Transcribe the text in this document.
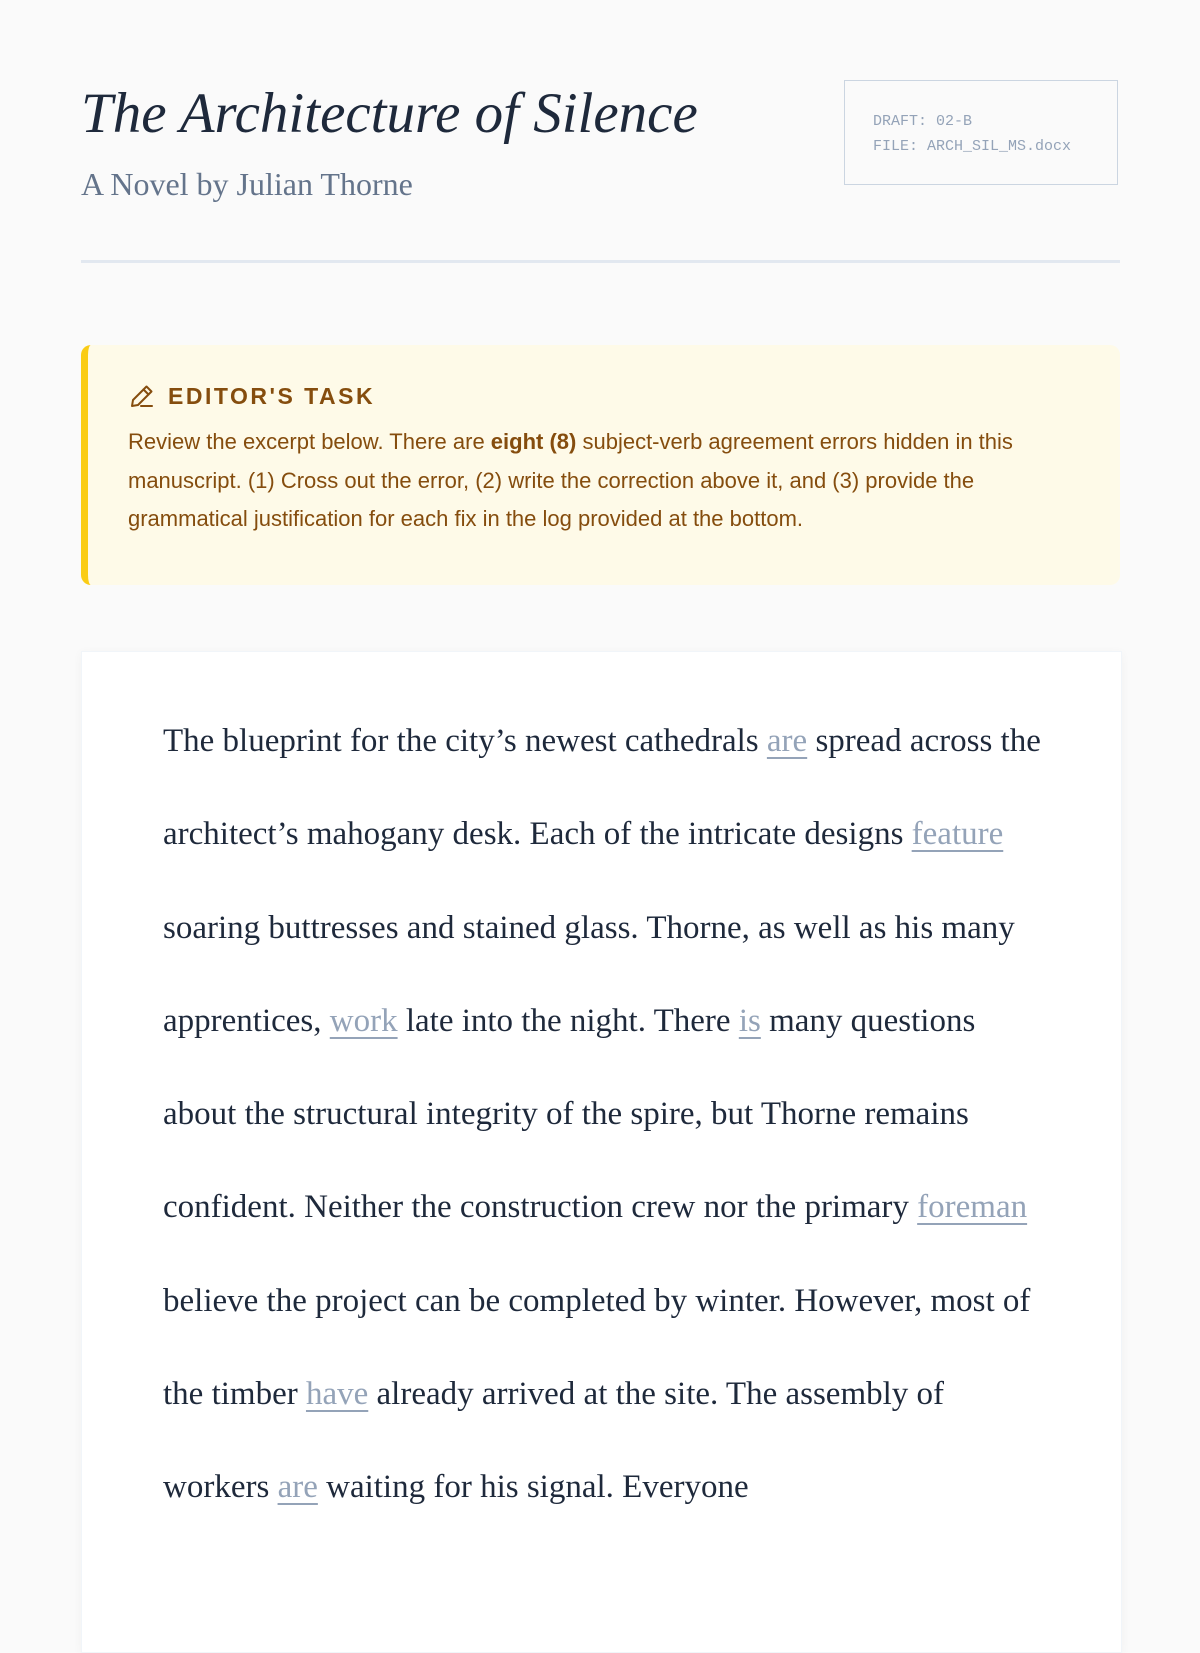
The Architecture of Silence

A Novel by Julian Thorne

DRAFT: 02-B
FILE: ARCH_SIL_MS.docx
EDITOR'S TASK

Review the excerpt below. There are eight (8) subject-verb agreement errors hidden in this manuscript. (1) Cross out the error, (2) write the correction above it, and (3) provide the grammatical justification for each fix in the log provided at the bottom.

The blueprint for the city’s newest cathedrals are spread across the architect’s mahogany desk. Each of the intricate designs feature soaring buttresses and stained glass. Thorne, as well as his many apprentices, work late into the night. There is many questions about the structural integrity of the spire, but Thorne remains confident. Neither the construction crew nor the primary foreman believe the project can be completed by winter. However, most of the timber have already arrived at the site. The assembly of workers are waiting for his signal. Everyone
